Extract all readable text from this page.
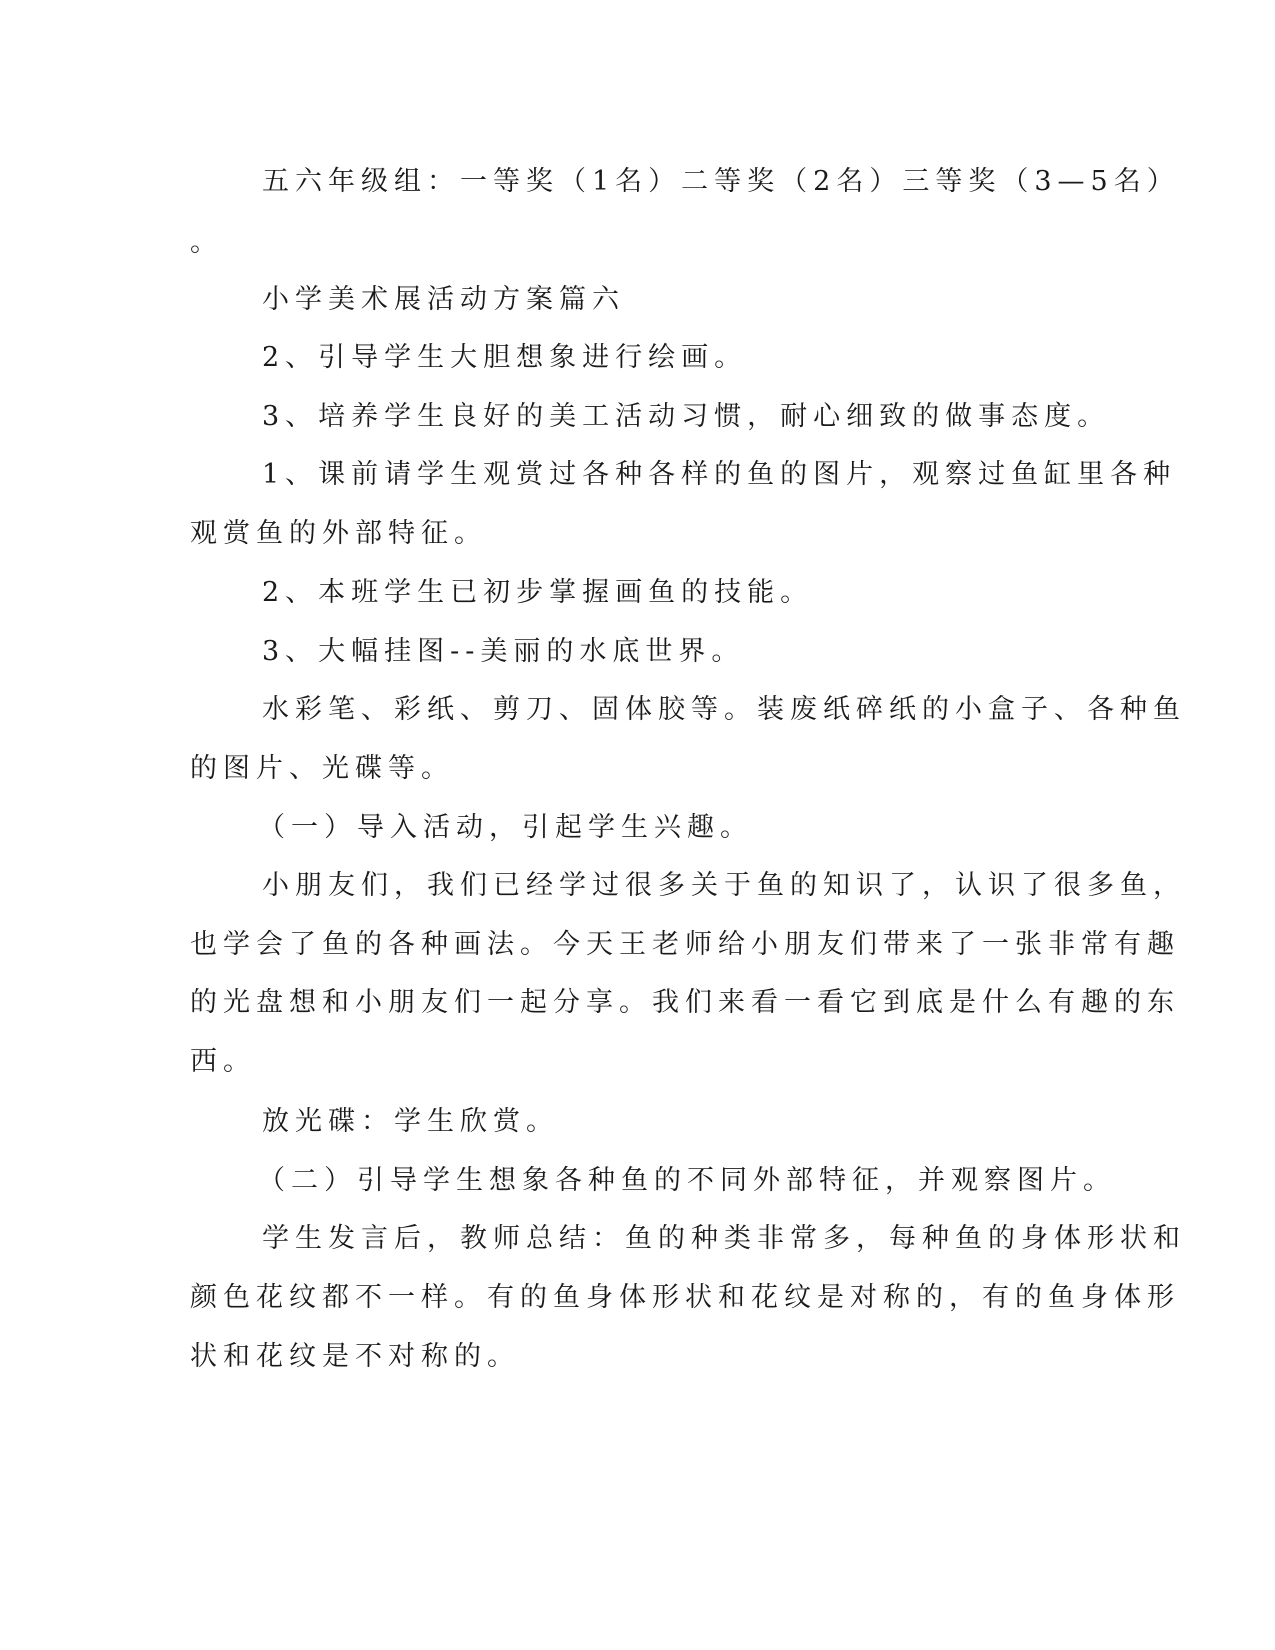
五六年级组：一等奖（1名）二等奖（2名）三等奖（3—5名）
。
小学美术展活动方案篇六
2、引导学生大胆想象进行绘画。
3、培养学生良好的美工活动习惯，耐心细致的做事态度。
1、课前请学生观赏过各种各样的鱼的图片，观察过鱼缸里各种
观赏鱼的外部特征。
2、本班学生已初步掌握画鱼的技能。
3、大幅挂图--美丽的水底世界。
水彩笔、彩纸、剪刀、固体胶等。装废纸碎纸的小盒子、各种鱼
的图片、光碟等。
（一）导入活动，引起学生兴趣。
小朋友们，我们已经学过很多关于鱼的知识了，认识了很多鱼，
也学会了鱼的各种画法。今天王老师给小朋友们带来了一张非常有趣
的光盘想和小朋友们一起分享。我们来看一看它到底是什么有趣的东
西。
放光碟：学生欣赏。
（二）引导学生想象各种鱼的不同外部特征，并观察图片。
学生发言后，教师总结：鱼的种类非常多，每种鱼的身体形状和
颜色花纹都不一样。有的鱼身体形状和花纹是对称的，有的鱼身体形
状和花纹是不对称的。
